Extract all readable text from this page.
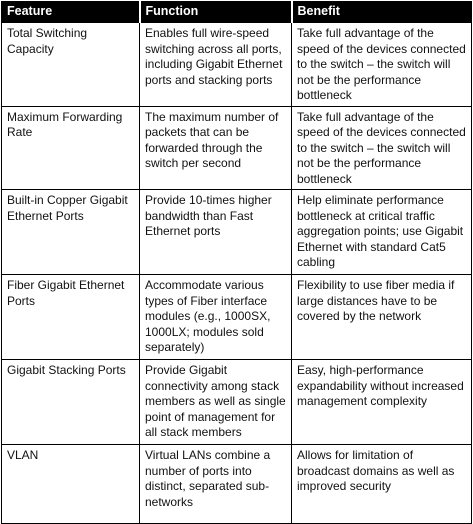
Feature	Function	Benefit
Total Switching Capacity	Enables full wire-speed switching across all ports, including Gigabit Ethernet ports and stacking ports	Take full advantage of the speed of the devices connected to the switch – the switch will not be the performance bottleneck
Maximum Forwarding Rate	The maximum number of packets that can be forwarded through the switch per second	Take full advantage of the speed of the devices connected to the switch – the switch will not be the performance bottleneck
Built-in Copper Gigabit Ethernet Ports	Provide 10-times higher bandwidth than Fast Ethernet ports	Help eliminate performance bottleneck at critical traffic aggregation points; use Gigabit Ethernet with standard Cat5 cabling
Fiber Gigabit Ethernet Ports	Accommodate various types of Fiber interface modules (e.g., 1000SX, 1000LX; modules sold separately)	Flexibility to use fiber media if large distances have to be covered by the network
Gigabit Stacking Ports	Provide Gigabit connectivity among stack members as well as single point of management for all stack members	Easy, high-performance expandability without increased management complexity
VLAN	Virtual LANs combine a number of ports into distinct, separated sub-networks	Allows for limitation of broadcast domains as well as improved security
